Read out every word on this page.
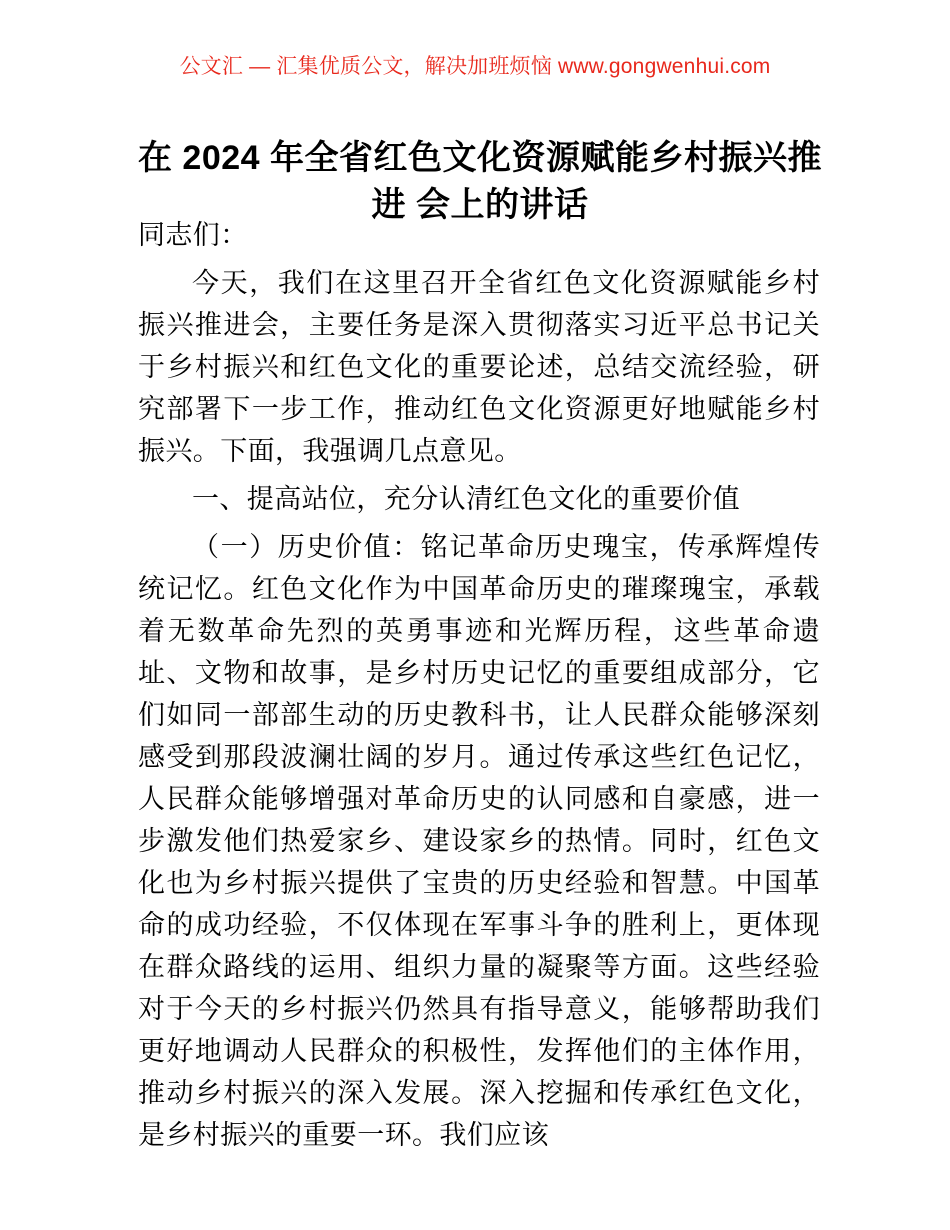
公文汇 — 汇集优质公文，解决加班烦恼 www.gongwenhui.com
在 2024 年全省红色文化资源赋能乡村振兴推进 会上的讲话

同志们：

今天，我们在这里召开全省红色文化资源赋能乡村振兴推进会，主要任务是深入贯彻落实习近平总书记关于乡村振兴和红色文化的重要论述，总结交流经验，研究部署下一步工作，推动红色文化资源更好地赋能乡村振兴。下面，我强调几点意见。

一、提高站位，充分认清红色文化的重要价值

（一）历史价值：铭记革命历史瑰宝，传承辉煌传统记忆。红色文化作为中国革命历史的璀璨瑰宝，承载着无数革命先烈的英勇事迹和光辉历程，这些革命遗址、文物和故事，是乡村历史记忆的重要组成部分，它们如同一部部生动的历史教科书，让人民群众能够深刻感受到那段波澜壮阔的岁月。通过传承这些红色记忆，人民群众能够增强对革命历史的认同感和自豪感，进一步激发他们热爱家乡、建设家乡的热情。同时，红色文化也为乡村振兴提供了宝贵的历史经验和智慧。中国革命的成功经验，不仅体现在军事斗争的胜利上，更体现在群众路线的运用、组织力量的凝聚等方面。这些经验对于今天的乡村振兴仍然具有指导意义，能够帮助我们更好地调动人民群众的积极性，发挥他们的主体作用，推动乡村振兴的深入发展。深入挖掘和传承红色文化，是乡村振兴的重要一环。我们应该
